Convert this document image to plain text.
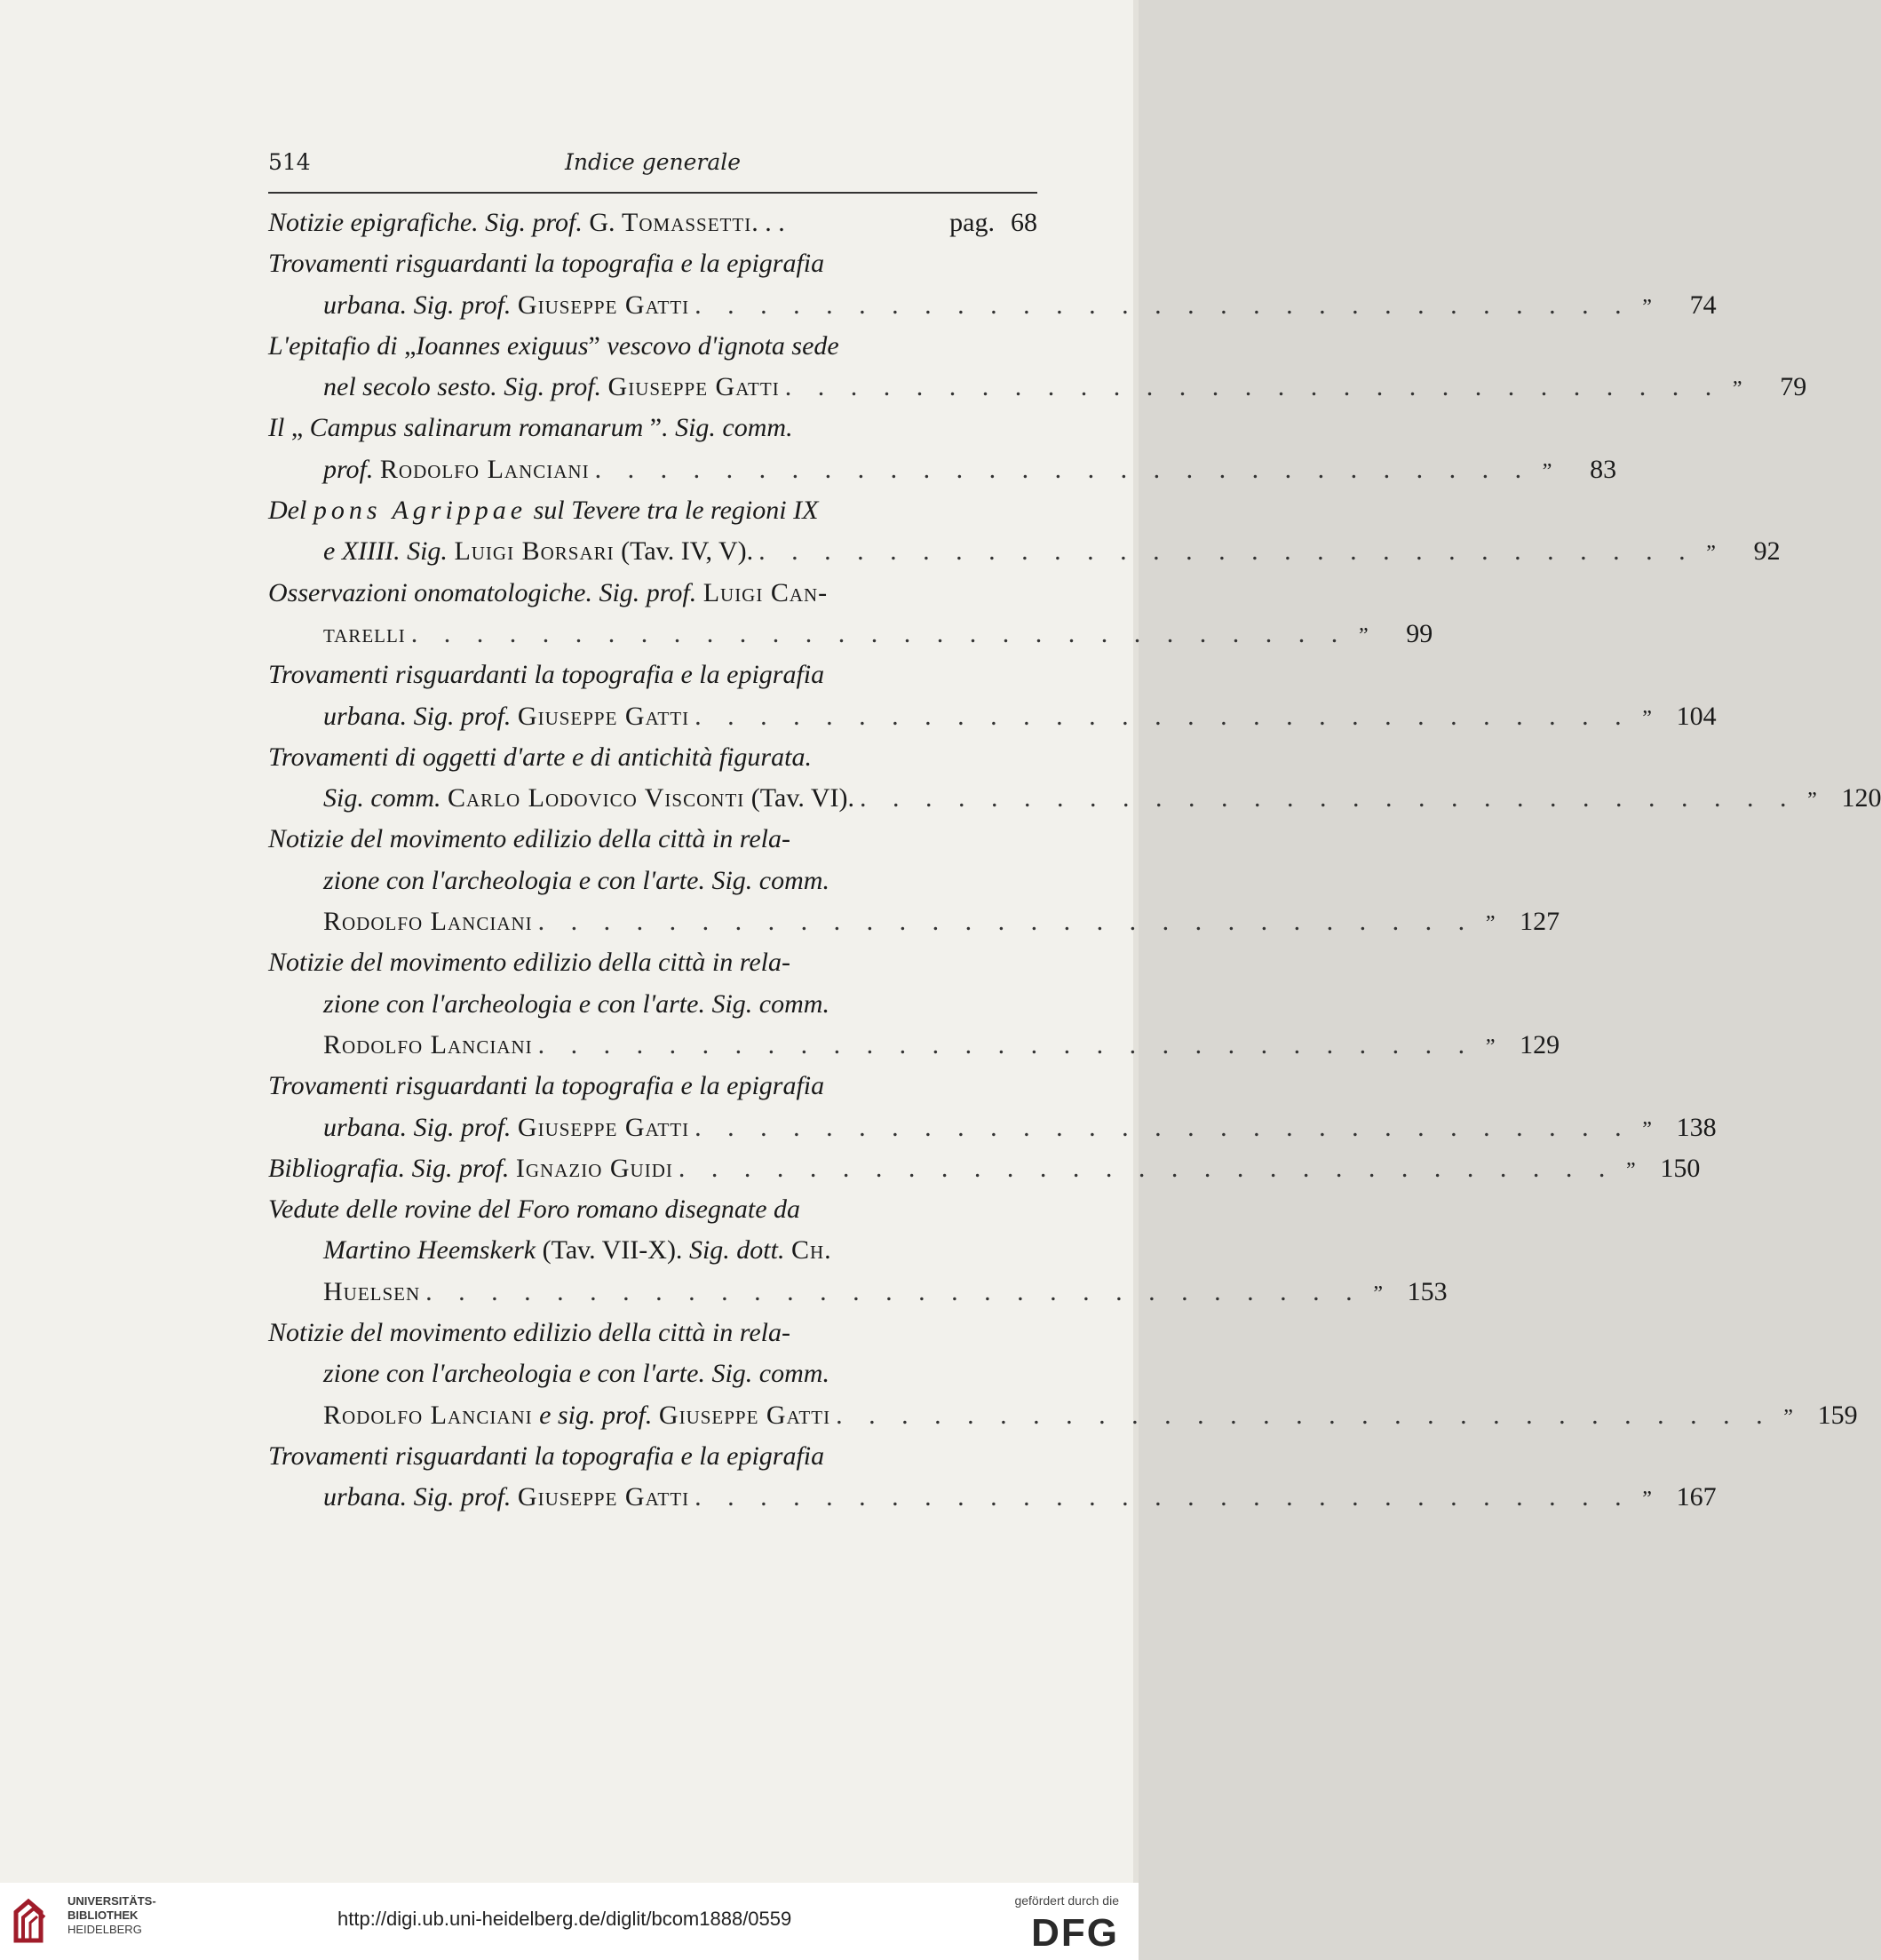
514	Indice generale
Notizie epigrafiche. Sig. prof. G. Tomassetti. . .	pag. 68
Trovamenti risguardanti la topografia e la epigrafia
urbana. Sig. prof. Giuseppe Gatti . . . . . . . . . . . . . . . . . . . . . . . . . . . . . ”	74
L'epitafio di „Ioannes exiguus” vescovo d'ignota sede
nel secolo sesto. Sig. prof. Giuseppe Gatti . . . . . . . . . . . . . . . . . . . . . . . . . . . . . ”	79
Il „ Campus salinarum romanarum ”. Sig. comm.
prof. Rodolfo Lanciani . . . . . . . . . . . . . . . . . . . . . . . . . . . . . ”	83
Del pons Agrippae sul Tevere tra le regioni IX
e XIIII. Sig. Luigi Borsari (Tav. IV, V). . . . . . . . . . . . . . . . . . . . . . . . . . . . . . ”	92
Osservazioni onomatologiche. Sig. prof. Luigi Can-
tarelli . . . . . . . . . . . . . . . . . . . . . . . . . . . . . ”	99
Trovamenti risguardanti la topografia e la epigrafia
urbana. Sig. prof. Giuseppe Gatti . . . . . . . . . . . . . . . . . . . . . . . . . . . . . ” 104
Trovamenti di oggetti d'arte e di antichità figurata.
Sig. comm. Carlo Lodovico Visconti (Tav. VI). . . . . . . . . . . . . . . . . . . . . . . . . . . . . . ” 120
Notizie del movimento edilizio della città in rela-
zione con l'archeologia e con l'arte. Sig. comm.
Rodolfo Lanciani . . . . . . . . . . . . . . . . . . . . . . . . . . . . . ” 127
Notizie del movimento edilizio della città in rela-
zione con l'archeologia e con l'arte. Sig. comm.
Rodolfo Lanciani . . . . . . . . . . . . . . . . . . . . . . . . . . . . . ” 129
Trovamenti risguardanti la topografia e la epigrafia
urbana. Sig. prof. Giuseppe Gatti . . . . . . . . . . . . . . . . . . . . . . . . . . . . . ” 138
Bibliografia. Sig. prof. Ignazio Guidi . . . . . . . . . . . . . . . . . . . . . . . . . . . . . ” 150
Vedute delle rovine del Foro romano disegnate da
Martino Heemskerk (Tav. VII-X). Sig. dott. Ch.
Huelsen . . . . . . . . . . . . . . . . . . . . . . . . . . . . . ” 153
Notizie del movimento edilizio della città in rela-
zione con l'archeologia e con l'arte. Sig. comm.
Rodolfo Lanciani e sig. prof. Giuseppe Gatti . . . . . . . . . . . . . . . . . . . . . . . . . . . . . ” 159
Trovamenti risguardanti la topografia e la epigrafia
urbana. Sig. prof. Giuseppe Gatti . . . . . . . . . . . . . . . . . . . . . . . . . . . . . ” 167
UNIVERSITÄTS-
BIBLIOTHEK
HEIDELBERG	http://digi.ub.uni-heidelberg.de/diglit/bcom1888/0559
gefördert durch die
DFG
